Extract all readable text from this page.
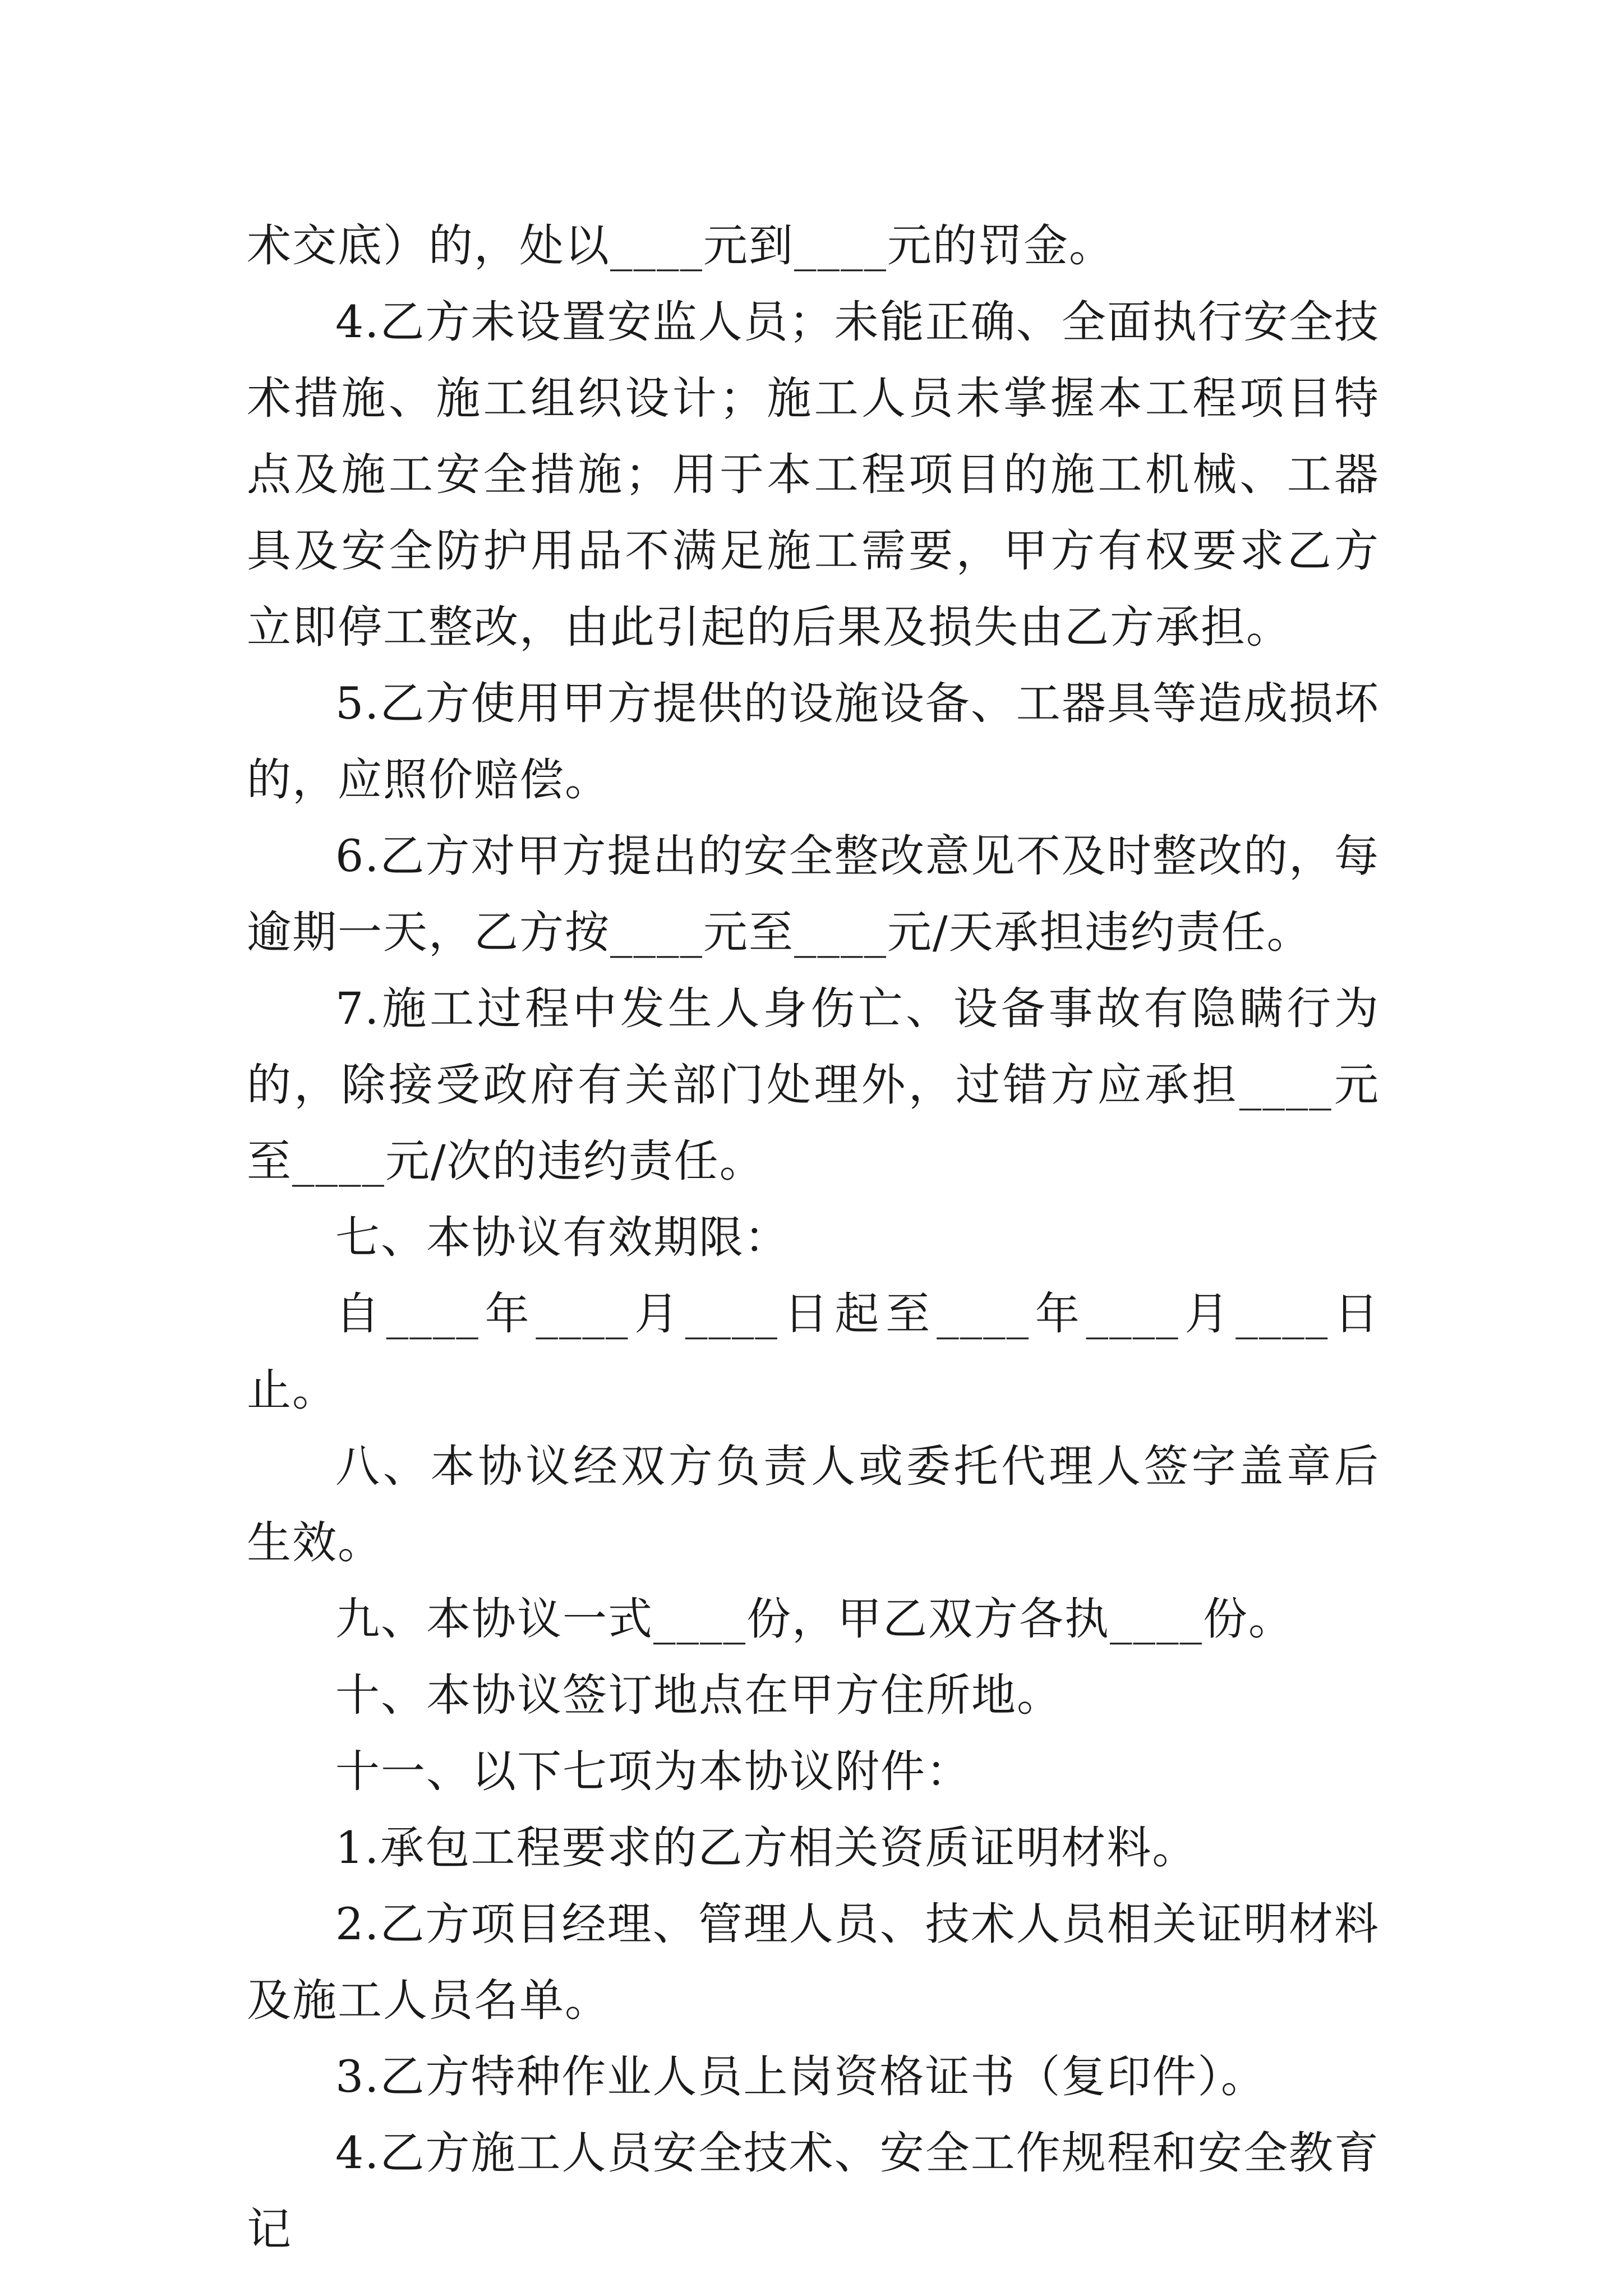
术交底）的，处以____元到____元的罚金。

4.乙方未设置安监人员；未能正确、全面执行安全技术措施、施工组织设计；施工人员未掌握本工程项目特点及施工安全措施；用于本工程项目的施工机械、工器具及安全防护用品不满足施工需要，甲方有权要求乙方立即停工整改，由此引起的后果及损失由乙方承担。

5.乙方使用甲方提供的设施设备、工器具等造成损坏的，应照价赔偿。

6.乙方对甲方提出的安全整改意见不及时整改的，每逾期一天，乙方按____元至____元/天承担违约责任。

7.施工过程中发生人身伤亡、设备事故有隐瞒行为的，除接受政府有关部门处理外，过错方应承担____元至____元/次的违约责任。

七、本协议有效期限：

自____年____月____日起至____年____月____日止。

八、本协议经双方负责人或委托代理人签字盖章后生效。

九、本协议一式____份，甲乙双方各执____份。

十、本协议签订地点在甲方住所地。

十一、以下七项为本协议附件：

1.承包工程要求的乙方相关资质证明材料。

2.乙方项目经理、管理人员、技术人员相关证明材料及施工人员名单。

3.乙方特种作业人员上岗资格证书（复印件）。

4.乙方施工人员安全技术、安全工作规程和安全教育记
